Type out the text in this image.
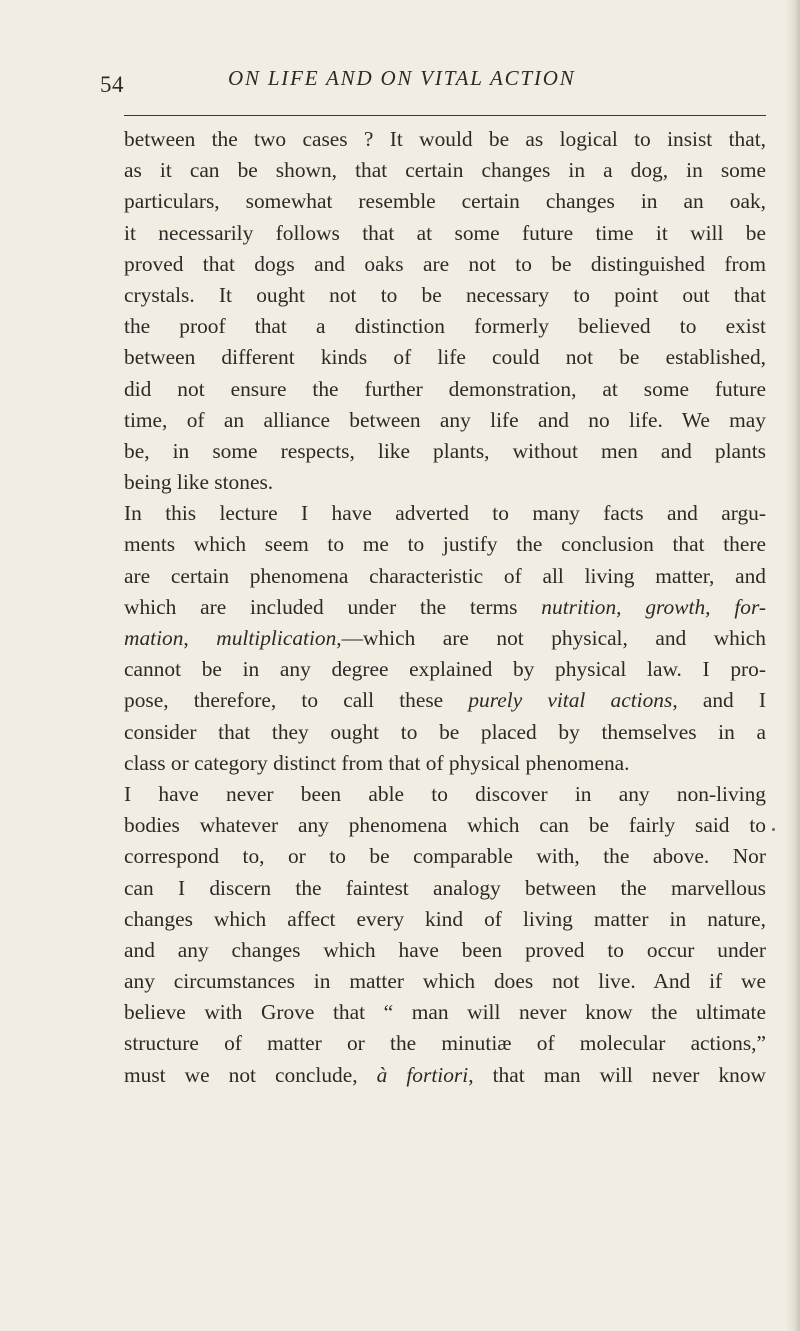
54	ON LIFE AND ON VITAL ACTION
between the two cases ? It would be as logical to insist that,
as it can be shown, that certain changes in a dog, in some
particulars, somewhat resemble certain changes in an oak,
it necessarily follows that at some future time it will be
proved that dogs and oaks are not to be distinguished from
crystals. It ought not to be necessary to point out that
the proof that a distinction formerly believed to exist
between different kinds of life could not be established,
did not ensure the further demonstration, at some future
time, of an alliance between any life and no life. We may
be, in some respects, like plants, without men and plants
being like stones.
In this lecture I have adverted to many facts and argu-
ments which seem to me to justify the conclusion that there
are certain phenomena characteristic of all living matter, and
which are included under the terms nutrition, growth, for-
mation, multiplication,—which are not physical, and which
cannot be in any degree explained by physical law. I pro-
pose, therefore, to call these purely vital actions, and I
consider that they ought to be placed by themselves in a
class or category distinct from that of physical phenomena.
I have never been able to discover in any non-living
bodies whatever any phenomena which can be fairly said to
correspond to, or to be comparable with, the above. Nor
can I discern the faintest analogy between the marvellous
changes which affect every kind of living matter in nature,
and any changes which have been proved to occur under
any circumstances in matter which does not live. And if we
believe with Grove that “ man will never know the ultimate
structure of matter or the minutiæ of molecular actions,”
must we not conclude, à fortiori, that man will never know
